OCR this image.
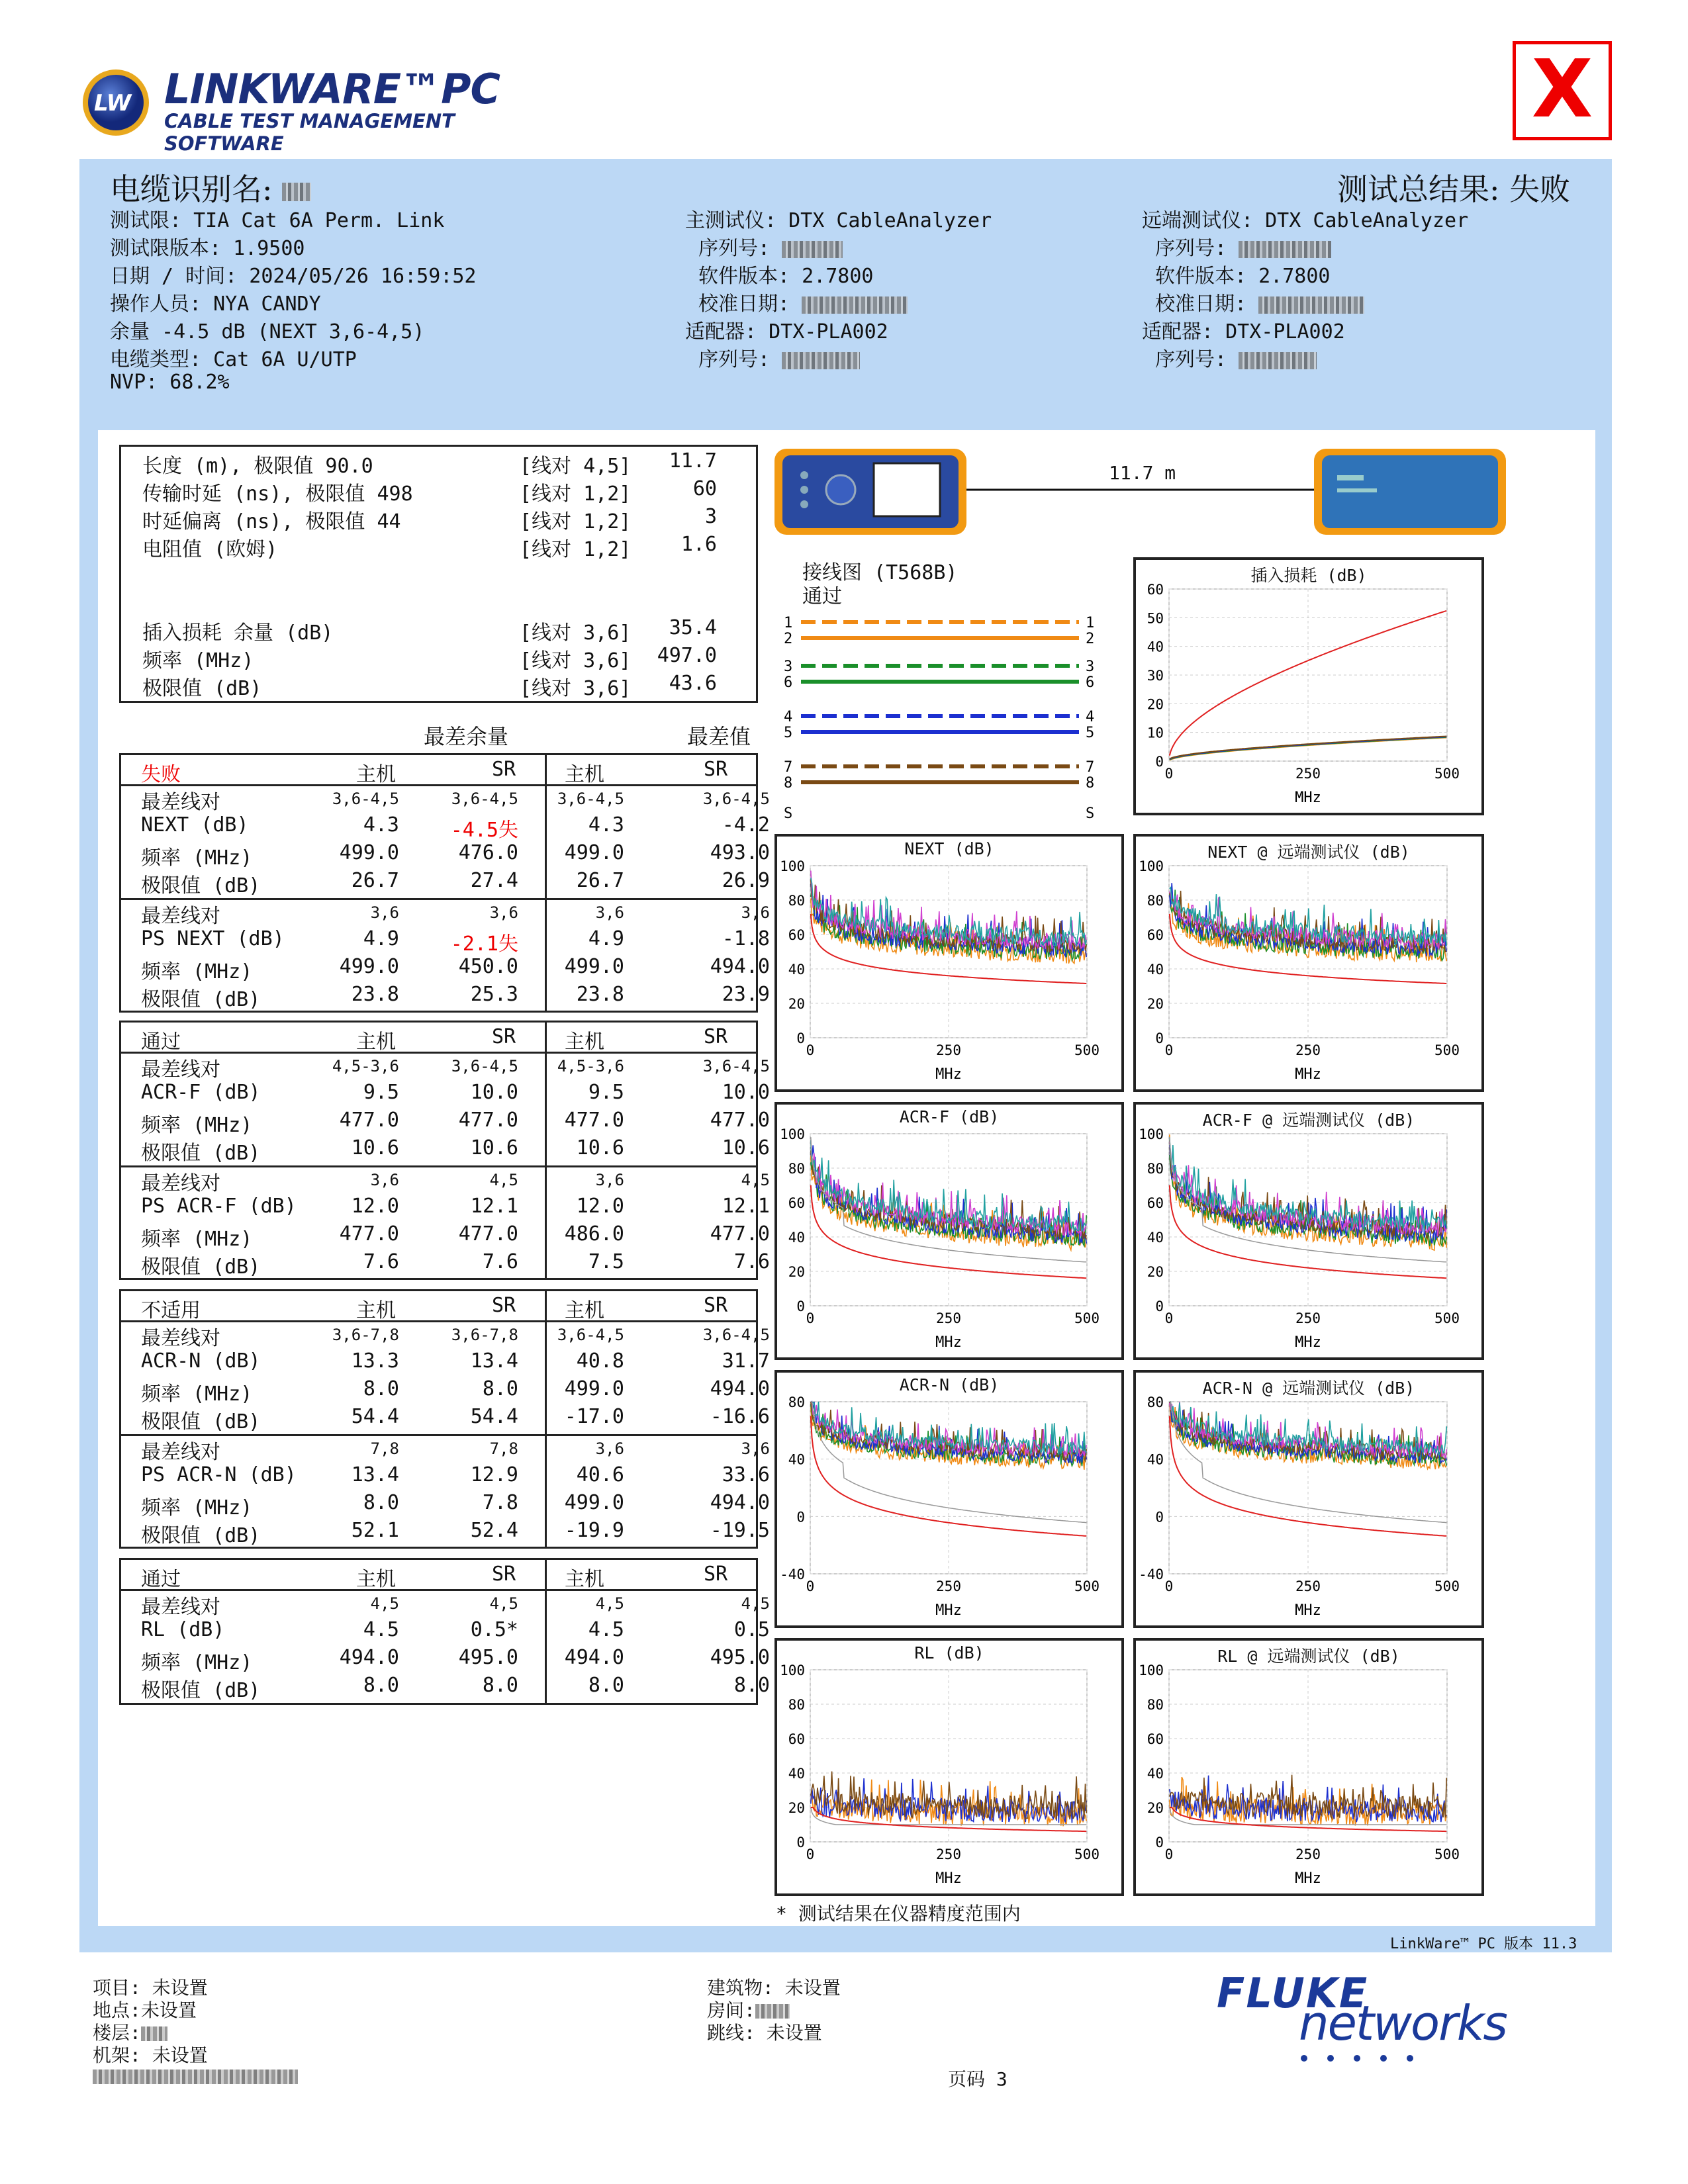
LW LINKWARE™PC
CABLE TEST MANAGEMENT SOFTWARE
X
电缆识别名:	测试总结果: 失败
测试限: TIA Cat 6A Perm. Link
测试限版本: 1.9500
日期 / 时间: 2024/05/26 16:59:52
操作人员: NYA CANDY
余量 -4.5 dB (NEXT 3,6-4,5)
电缆类型: Cat 6A U/UTP
NVP: 68.2%
主测试仪: DTX CableAnalyzer
序列号:
软件版本: 2.7800
校准日期:
适配器: DTX-PLA002
序列号:
远端测试仪: DTX CableAnalyzer
序列号:
软件版本: 2.7800
校准日期:
适配器: DTX-PLA002
序列号:
长度 (m), 极限值 90.0	[线对 4,5]	11.7
传输时延 (ns), 极限值 498	[线对 1,2]	60
时延偏离 (ns), 极限值 44	[线对 1,2]	3
电阻值 (欧姆)	[线对 1,2]	1.6
插入损耗 余量 (dB)	[线对 3,6]	35.4
频率 (MHz)	[线对 3,6]	497.0
极限值 (dB)	[线对 3,6]	43.6
最差余量	最差值
失败	主机	SR 主机	SR
最差线对	3,6-4,5	3,6-4,5	3,6-4,5	3,6-4,5
NEXT (dB)	4.3	-4.5失	4.3	-4.2
频率 (MHz)	499.0	476.0	499.0	493.0
极限值 (dB)	26.7	27.4	26.7	26.9
最差线对	3,6	3,6	3,6	3,6
PS NEXT (dB)	4.9	-2.1失	4.9	-1.8
频率 (MHz)	499.0	450.0	499.0	494.0
极限值 (dB)	23.8	25.3	23.8	23.9
通过	主机	SR 主机	SR
最差线对	4,5-3,6	3,6-4,5	4,5-3,6	3,6-4,5
ACR-F (dB)	9.5	10.0	9.5	10.0
频率 (MHz)	477.0	477.0	477.0	477.0
极限值 (dB)	10.6	10.6	10.6	10.6
最差线对	3,6	4,5	3,6	4,5
PS ACR-F (dB)	12.0	12.1	12.0	12.1
频率 (MHz)	477.0	477.0	486.0	477.0
极限值 (dB)	7.6	7.6	7.5	7.6
不适用	主机	SR 主机	SR
最差线对	3,6-7,8	3,6-7,8	3,6-4,5	3,6-4,5
ACR-N (dB)	13.3	13.4	40.8	31.7
频率 (MHz)	8.0	8.0	499.0	494.0
极限值 (dB)	54.4	54.4	-17.0	-16.6
最差线对	7,8	7,8	3,6	3,6
PS ACR-N (dB)	13.4	12.9	40.6	33.6
频率 (MHz)	8.0	7.8	499.0	494.0
极限值 (dB)	52.1	52.4	-19.9	-19.5
通过	主机	SR 主机	SR
最差线对	4,5	4,5	4,5	4,5
RL (dB)	4.5	0.5*	4.5	0.5
频率 (MHz)	494.0	495.0	494.0	495.0
极限值 (dB)	8.0	8.0	8.0	8.0
11.7 m
接线图 (T568B)
通过
1	1
2	2
3	3
6	6
4	4
5	5
7	7
8	8
S	S
插入损耗 (dB)
60
50
40
30
20
10
0
0	250	500
MHz
NEXT (dB)
100
80
60
40
20
0
0	250	500
MHz
NEXT @ 远端测试仪 (dB)
100
80
60
40
20
0
0	250	500
MHz
ACR-F (dB)
100
80
60
40
20
0
0	250	500
MHz
ACR-F @ 远端测试仪 (dB)
100
80
60
40
20
0
0	250	500
MHz
ACR-N (dB)
80
40
0
-40
0	250	500
MHz
ACR-N @ 远端测试仪 (dB)
80
40
0
-40
0	250	500
MHz
RL (dB)
100
80
60
40
20
0
0	250	500
MHz
RL @ 远端测试仪 (dB)
100
80
60
40
20
0
0	250	500
MHz
* 测试结果在仪器精度范围内
LinkWare™ PC 版本 11.3
项目: 未设置
地点:未设置
楼层:
机架: 未设置
建筑物: 未设置
房间:
跳线: 未设置
页码 3
FLUKE
networks
